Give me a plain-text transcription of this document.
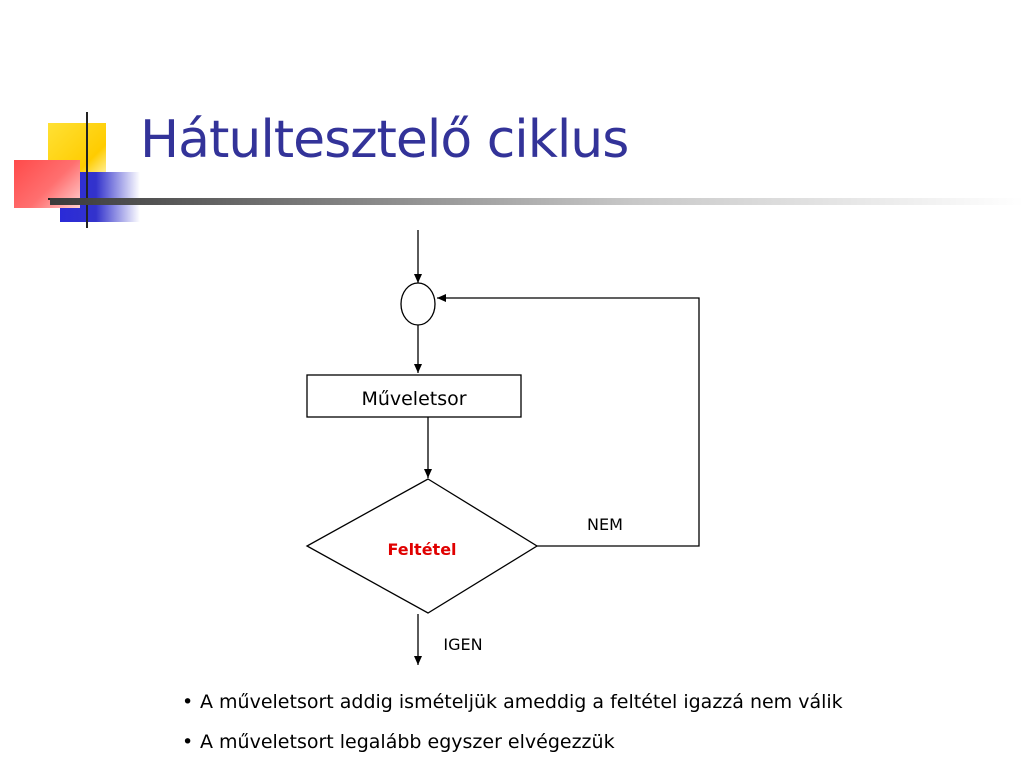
Hátultesztelő ciklus
Műveletsor
Feltétel
NEM
IGEN
• A műveletsort addig ismételjük ameddig a feltétel igazzá nem válik
• A műveletsort legalább egyszer elvégezzük
